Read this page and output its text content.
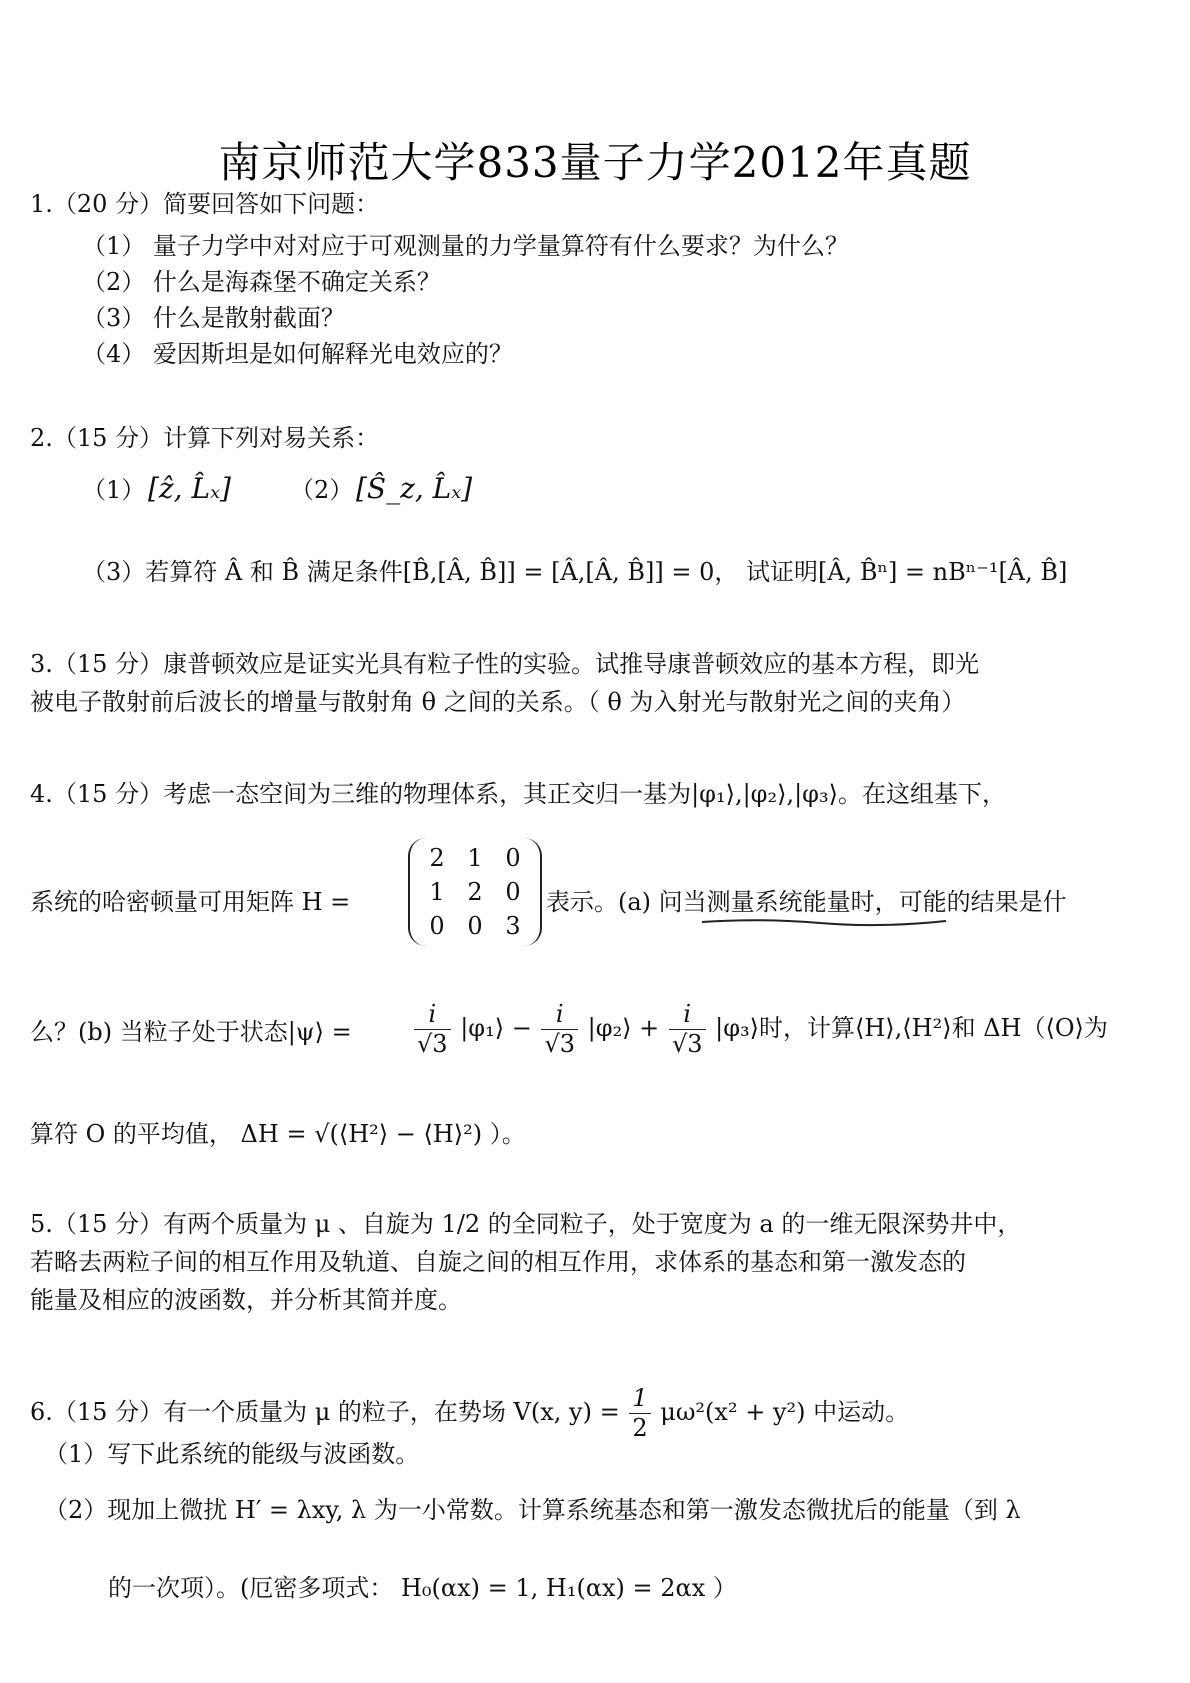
南京师范大学833量子力学2012年真题
1.（20 分）简要回答如下问题：
（1） 量子力学中对对应于可观测量的力学量算符有什么要求？为什么？
（2） 什么是海森堡不确定关系？
（3） 什么是散射截面？
（4） 爱因斯坦是如何解释光电效应的？
2.（15 分）计算下列对易关系：
（1） [ẑ, L̂ₓ] （2） [Ŝ_z, L̂ₓ]
（3）若算符 Â 和 B̂ 满足条件[B̂,[Â, B̂]] = [Â,[Â, B̂]] = 0， 试证明[Â, B̂ⁿ] = nBⁿ⁻¹[Â, B̂]
3.（15 分）康普顿效应是证实光具有粒子性的实验。试推导康普顿效应的基本方程，即光
被电子散射前后波长的增量与散射角 θ 之间的关系。（ θ 为入射光与散射光之间的夹角）
4.（15 分）考虑一态空间为三维的物理体系，其正交归一基为|φ₁⟩,|φ₂⟩,|φ₃⟩。在这组基下，
系统的哈密顿量可用矩阵 H =
2 1 0
1 2 0
0 0 3
表示。(a) 问当测量系统能量时，可能的结果是什
么？(b) 当粒子处于状态|ψ⟩ =	$\frac{i}{√3}$ |φ₁⟩ − $\frac{i}{√3}$ |φ₂⟩ + $\frac{i}{√3}$ |φ₃⟩时，计算⟨H⟩,⟨H²⟩和 ΔH（⟨O⟩为
算符 O 的平均值， ΔH = √(⟨H²⟩ − ⟨H⟩²) ）。
5.（15 分）有两个质量为 μ 、自旋为 1/2 的全同粒子，处于宽度为 a 的一维无限深势井中，
若略去两粒子间的相互作用及轨道、自旋之间的相互作用，求体系的基态和第一激发态的
能量及相应的波函数，并分析其简并度。
6.（15 分）有一个质量为 μ 的粒子，在势场 V(x, $y) = \frac{1}{2} \mu\omega^2(x^2 + y^2)$ 中运动。
（1）写下此系统的能级与波函数。
（2）现加上微扰 H′ = λxy, λ 为一小常数。计算系统基态和第一激发态微扰后的能量（到 λ
的一次项）。(厄密多项式： H₀(αx) = 1, H₁(αx) = 2αx ）
